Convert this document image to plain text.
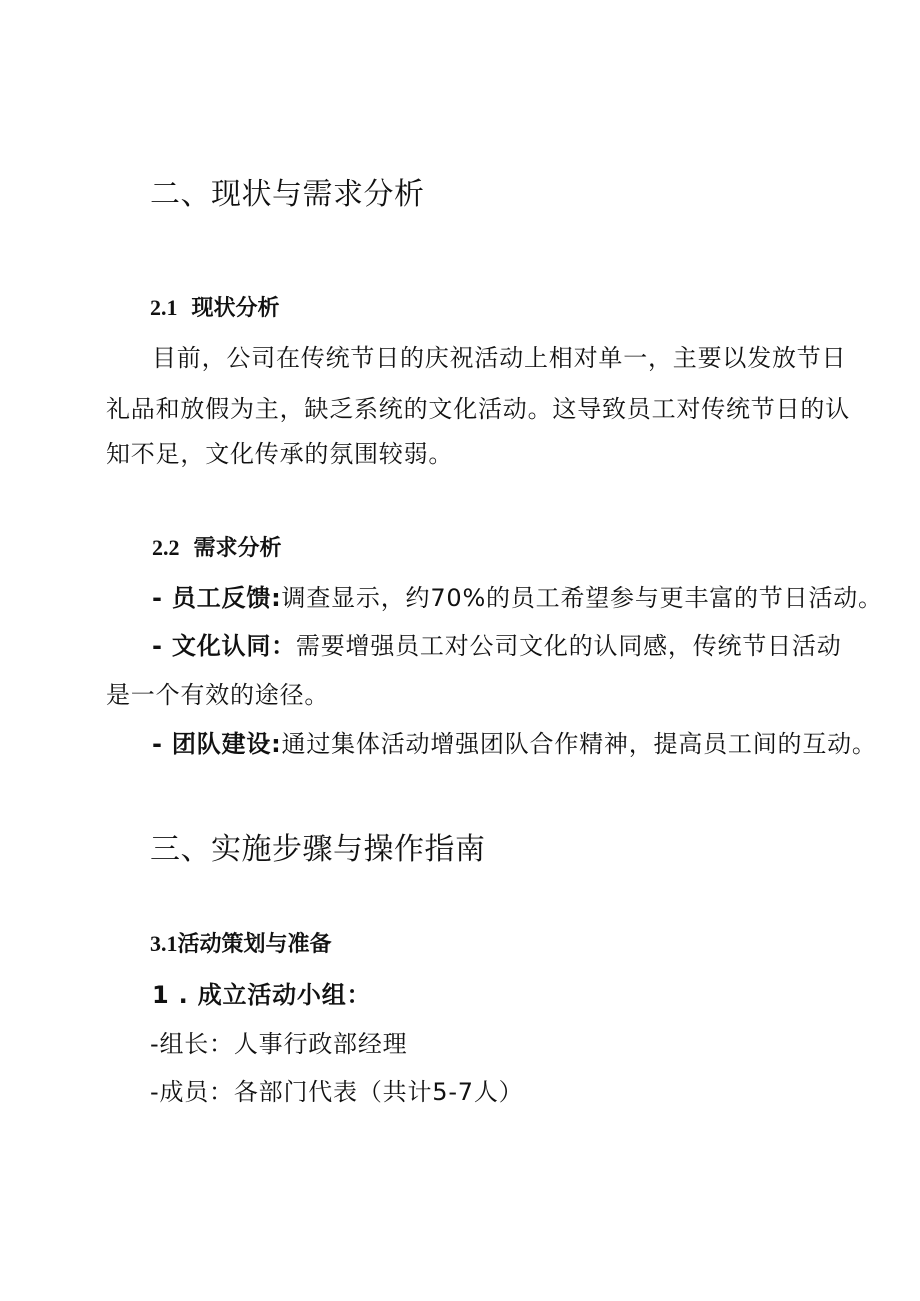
二、现状与需求分析
2.1 现状分析
目前，公司在传统节日的庆祝活动上相对单一，主要以发放节日
礼品和放假为主，缺乏系统的文化活动。这导致员工对传统节日的认
知不足，文化传承的氛围较弱。
2.2 需求分析
- 员工反馈:调查显示，约70%的员工希望参与更丰富的节日活动。
- 文化认同：需要增强员工对公司文化的认同感，传统节日活动
是一个有效的途径。
- 团队建设:通过集体活动增强团队合作精神，提高员工间的互动。
三、实施步骤与操作指南
3.1活动策划与准备
1 . 成立活动小组：
-组长：人事行政部经理
-成员：各部门代表（共计5-7人）
